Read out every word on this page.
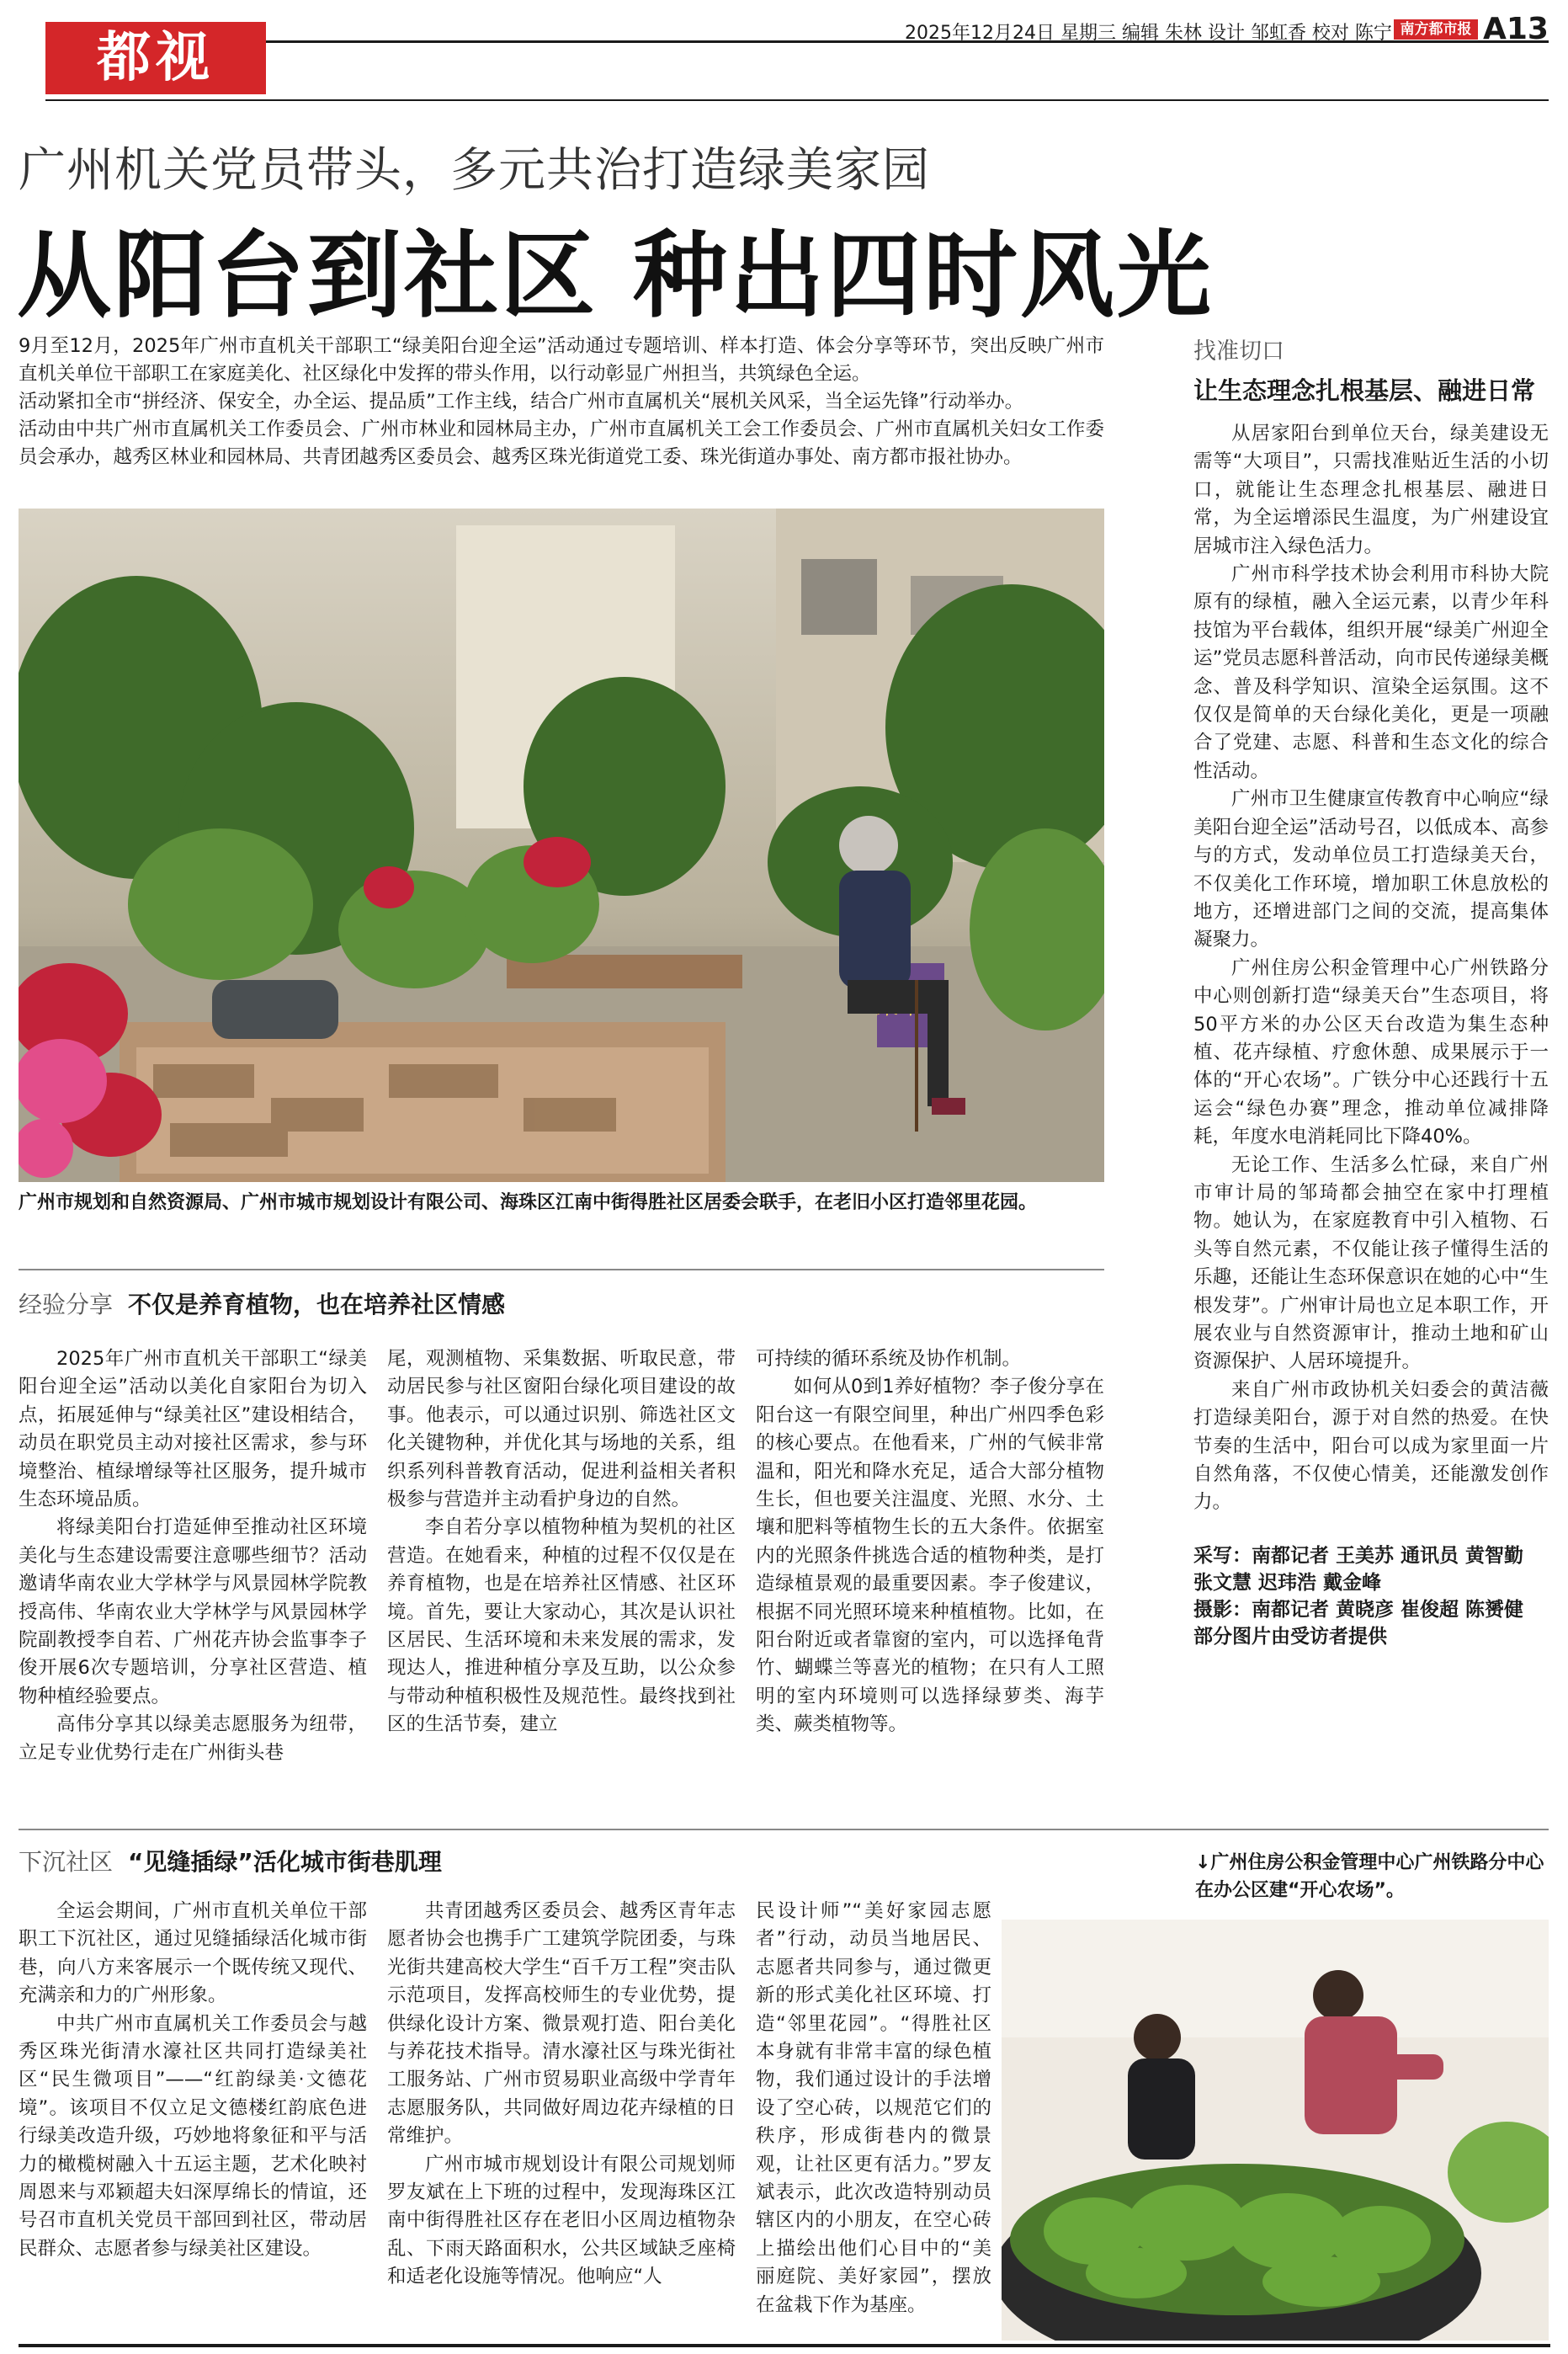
都视	2025年12月24日 星期三 编辑 朱林 设计 邹虹香 校对 陈宁 南方都市报 A13
广州机关党员带头，多元共治打造绿美家园
从阳台到社区 种出四时风光

9月至12月，2025年广州市直机关干部职工“绿美阳台迎全运”活动通过专题培训、样本打造、体会分享等环节，突出反映广州市直机关单位干部职工在家庭美化、社区绿化中发挥的带头作用，以行动彰显广州担当，共筑绿色全运。

活动紧扣全市“拼经济、保安全，办全运、提品质”工作主线，结合广州市直属机关“展机关风采，当全运先锋”行动举办。

活动由中共广州市直属机关工作委员会、广州市林业和园林局主办，广州市直属机关工会工作委员会、广州市直属机关妇女工作委员会承办，越秀区林业和园林局、共青团越秀区委员会、越秀区珠光街道党工委、珠光街道办事处、南方都市报社协办。

广州市规划和自然资源局、广州市城市规划设计有限公司、海珠区江南中街得胜社区居委会联手，在老旧小区打造邻里花园。
经验分享 不仅是养育植物，也在培养社区情感

2025年广州市直机关干部职工“绿美阳台迎全运”活动以美化自家阳台为切入点，拓展延伸与“绿美社区”建设相结合，动员在职党员主动对接社区需求，参与环境整治、植绿增绿等社区服务，提升城市生态环境品质。

将绿美阳台打造延伸至推动社区环境美化与生态建设需要注意哪些细节？活动邀请华南农业大学林学与风景园林学院教授高伟、华南农业大学林学与风景园林学院副教授李自若、广州花卉协会监事李子俊开展6次专题培训，分享社区营造、植物种植经验要点。

高伟分享其以绿美志愿服务为纽带，立足专业优势行走在广州街头巷

尾，观测植物、采集数据、听取民意，带动居民参与社区窗阳台绿化项目建设的故事。他表示，可以通过识别、筛选社区文化关键物种，并优化其与场地的关系，组织系列科普教育活动，促进利益相关者积极参与营造并主动看护身边的自然。

李自若分享以植物种植为契机的社区营造。在她看来，种植的过程不仅仅是在养育植物，也是在培养社区情感、社区环境。首先，要让大家动心，其次是认识社区居民、生活环境和未来发展的需求，发现达人，推进种植分享及互助，以公众参与带动种植积极性及规范性。最终找到社区的生活节奏，建立

可持续的循环系统及协作机制。

如何从0到1养好植物？李子俊分享在阳台这一有限空间里，种出广州四季色彩的核心要点。在他看来，广州的气候非常温和，阳光和降水充足，适合大部分植物生长，但也要关注温度、光照、水分、土壤和肥料等植物生长的五大条件。依据室内的光照条件挑选合适的植物种类，是打造绿植景观的最重要因素。李子俊建议，根据不同光照环境来种植植物。比如，在阳台附近或者靠窗的室内，可以选择龟背竹、蝴蝶兰等喜光的植物；在只有人工照明的室内环境则可以选择绿萝类、海芋类、蕨类植物等。

找准切口
让生态理念扎根基层、融进日常

从居家阳台到单位天台，绿美建设无需等“大项目”，只需找准贴近生活的小切口，就能让生态理念扎根基层、融进日常，为全运增添民生温度，为广州建设宜居城市注入绿色活力。

广州市科学技术协会利用市科协大院原有的绿植，融入全运元素，以青少年科技馆为平台载体，组织开展“绿美广州迎全运”党员志愿科普活动，向市民传递绿美概念、普及科学知识、渲染全运氛围。这不仅仅是简单的天台绿化美化，更是一项融合了党建、志愿、科普和生态文化的综合性活动。

广州市卫生健康宣传教育中心响应“绿美阳台迎全运”活动号召，以低成本、高参与的方式，发动单位员工打造绿美天台，不仅美化工作环境，增加职工休息放松的地方，还增进部门之间的交流，提高集体凝聚力。

广州住房公积金管理中心广州铁路分中心则创新打造“绿美天台”生态项目，将50平方米的办公区天台改造为集生态种植、花卉绿植、疗愈休憩、成果展示于一体的“开心农场”。广铁分中心还践行十五运会“绿色办赛”理念，推动单位减排降耗，年度水电消耗同比下降40%。

无论工作、生活多么忙碌，来自广州市审计局的邹琦都会抽空在家中打理植物。她认为，在家庭教育中引入植物、石头等自然元素，不仅能让孩子懂得生活的乐趣，还能让生态环保意识在她的心中“生根发芽”。广州审计局也立足本职工作，开展农业与自然资源审计，推动土地和矿山资源保护、人居环境提升。

来自广州市政协机关妇委会的黄洁薇打造绿美阳台，源于对自然的热爱。在快节奏的生活中，阳台可以成为家里面一片自然角落，不仅使心情美，还能激发创作力。

采写：南都记者 王美苏 通讯员 黄智勤 张文慧 迟玮浩 戴金峰
摄影：南都记者 黄晓彦 崔俊超 陈赟健
部分图片由受访者提供
下沉社区 “见缝插绿”活化城市街巷肌理

全运会期间，广州市直机关单位干部职工下沉社区，通过见缝插绿活化城市街巷，向八方来客展示一个既传统又现代、充满亲和力的广州形象。

中共广州市直属机关工作委员会与越秀区珠光街清水濠社区共同打造绿美社区“民生微项目”——“红韵绿美·文德花境”。该项目不仅立足文德楼红韵底色进行绿美改造升级，巧妙地将象征和平与活力的橄榄树融入十五运主题，艺术化映衬周恩来与邓颖超夫妇深厚绵长的情谊，还号召市直机关党员干部回到社区，带动居民群众、志愿者参与绿美社区建设。

共青团越秀区委员会、越秀区青年志愿者协会也携手广工建筑学院团委，与珠光街共建高校大学生“百千万工程”突击队示范项目，发挥高校师生的专业优势，提供绿化设计方案、微景观打造、阳台美化与养花技术指导。清水濠社区与珠光街社工服务站、广州市贸易职业高级中学青年志愿服务队，共同做好周边花卉绿植的日常维护。

广州市城市规划设计有限公司规划师罗友斌在上下班的过程中，发现海珠区江南中街得胜社区存在老旧小区周边植物杂乱、下雨天路面积水，公共区域缺乏座椅和适老化设施等情况。他响应“人

民设计师”“美好家园志愿者”行动，动员当地居民、志愿者共同参与，通过微更新的形式美化社区环境、打造“邻里花园”。“得胜社区本身就有非常丰富的绿色植物，我们通过设计的手法增设了空心砖，以规范它们的秩序，形成街巷内的微景观，让社区更有活力。”罗友斌表示，此次改造特别动员辖区内的小朋友，在空心砖上描绘出他们心目中的“美丽庭院、美好家园”，摆放在盆栽下作为基座。

↓广州住房公积金管理中心广州铁路分中心在办公区建“开心农场”。
